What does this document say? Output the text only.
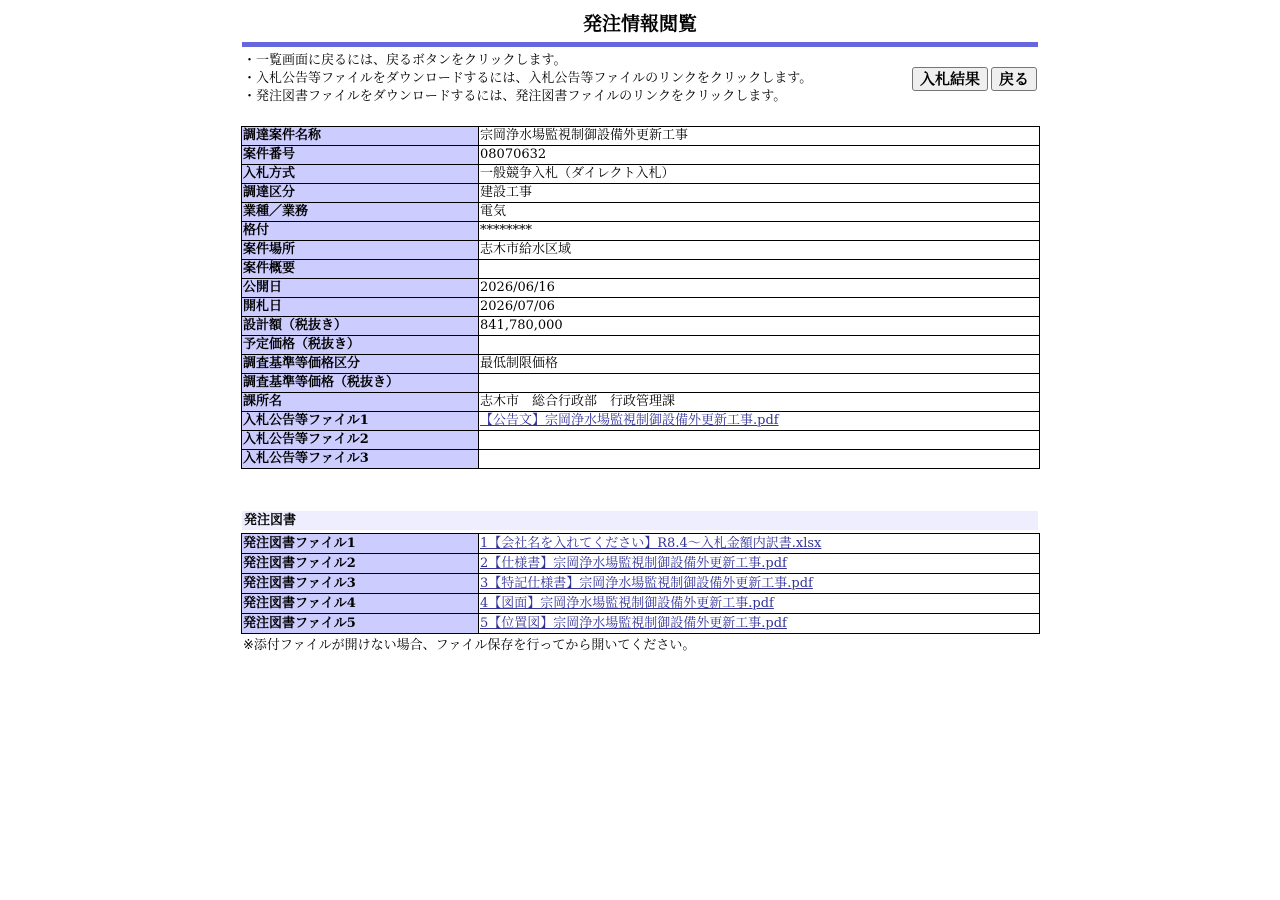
発注情報閲覧
・一覧画面に戻るには、戻るボタンをクリックします。
・入札公告等ファイルをダウンロードするには、入札公告等ファイルのリンクをクリックします。
・発注図書ファイルをダウンロードするには、発注図書ファイルのリンクをクリックします。
入札結果	戻る
調達案件名称	宗岡浄水場監視制御設備外更新工事
案件番号	08070632
入札方式	一般競争入札（ダイレクト入札）
調達区分	建設工事
業種／業務	電気
格付	********
案件場所	志木市給水区域
案件概要	
公開日	2026/06/16
開札日	2026/07/06
設計額（税抜き）	841,780,000
予定価格（税抜き）	
調査基準等価格区分	最低制限価格
調査基準等価格（税抜き）	
課所名	志木市　総合行政部　行政管理課
入札公告等ファイル1	【公告文】宗岡浄水場監視制御設備外更新工事.pdf
入札公告等ファイル2	
入札公告等ファイル3	
発注図書
発注図書ファイル1	1【会社名を入れてください】R8.4～入札金額内訳書.xlsx
発注図書ファイル2	2【仕様書】宗岡浄水場監視制御設備外更新工事.pdf
発注図書ファイル3	3【特記仕様書】宗岡浄水場監視制御設備外更新工事.pdf
発注図書ファイル4	4【図面】宗岡浄水場監視制御設備外更新工事.pdf
発注図書ファイル5	5【位置図】宗岡浄水場監視制御設備外更新工事.pdf
※添付ファイルが開けない場合、ファイル保存を行ってから開いてください。
